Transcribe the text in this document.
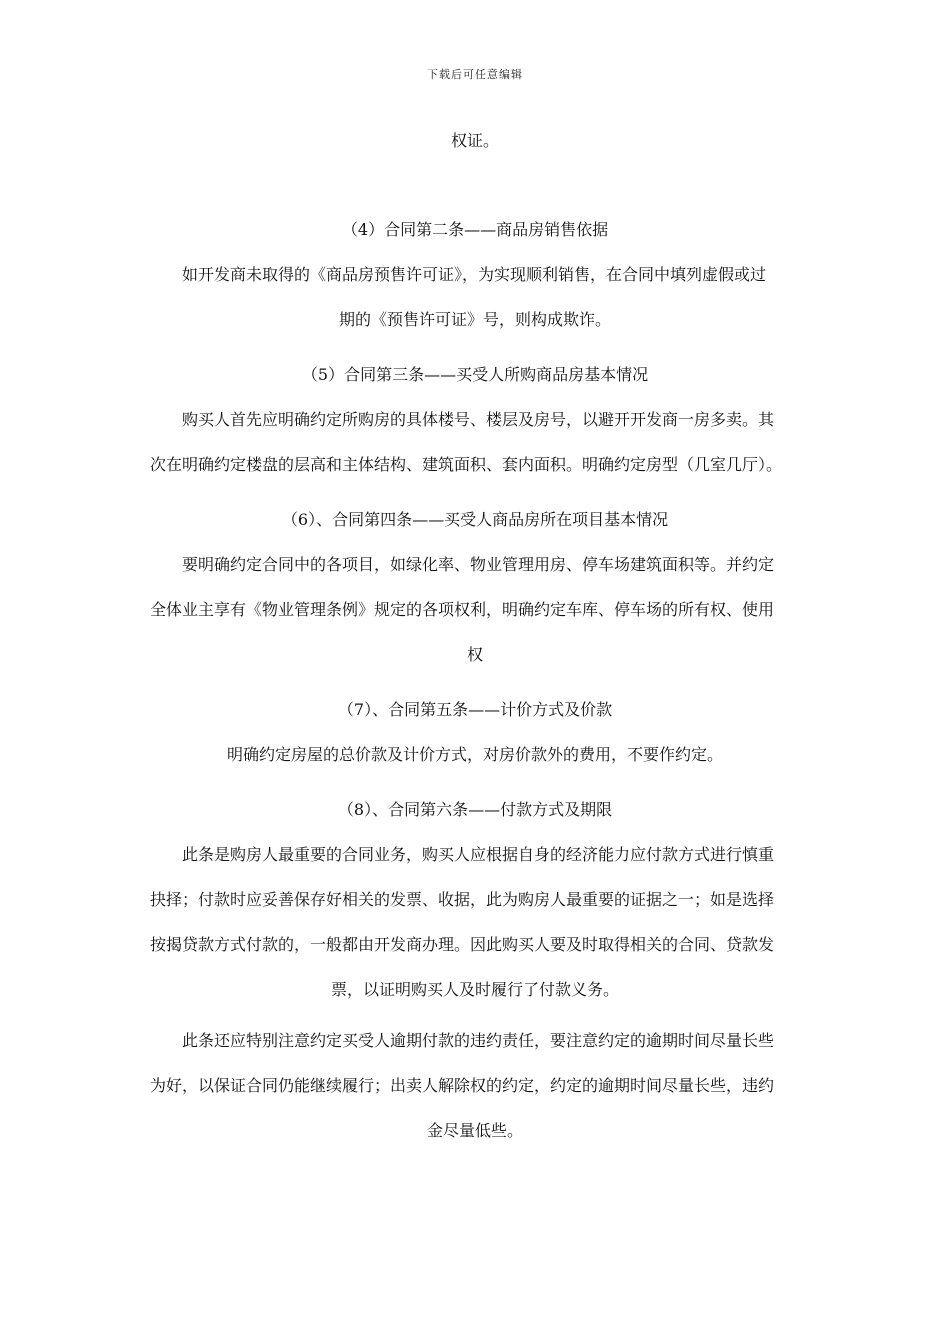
下载后可任意编辑
权证。
（4）合同第二条——商品房销售依据
如开发商未取得的《商品房预售许可证》，为实现顺利销售，在合同中填列虚假或过
期的《预售许可证》号，则构成欺诈。
（5）合同第三条——买受人所购商品房基本情况
购买人首先应明确约定所购房的具体楼号、楼层及房号，以避开开发商一房多卖。其
次在明确约定楼盘的层高和主体结构、建筑面积、套内面积。明确约定房型（几室几厅）。
（6）、合同第四条——买受人商品房所在项目基本情况
要明确约定合同中的各项目，如绿化率、物业管理用房、停车场建筑面积等。并约定
全体业主享有《物业管理条例》规定的各项权利，明确约定车库、停车场的所有权、使用
权
（7）、合同第五条——计价方式及价款
明确约定房屋的总价款及计价方式，对房价款外的费用，不要作约定。
（8）、合同第六条——付款方式及期限
此条是购房人最重要的合同业务，购买人应根据自身的经济能力应付款方式进行慎重
抉择；付款时应妥善保存好相关的发票、收据，此为购房人最重要的证据之一；如是选择
按揭贷款方式付款的，一般都由开发商办理。因此购买人要及时取得相关的合同、贷款发
票，以证明购买人及时履行了付款义务。
此条还应特别注意约定买受人逾期付款的违约责任，要注意约定的逾期时间尽量长些
为好，以保证合同仍能继续履行；出卖人解除权的约定，约定的逾期时间尽量长些，违约
金尽量低些。
